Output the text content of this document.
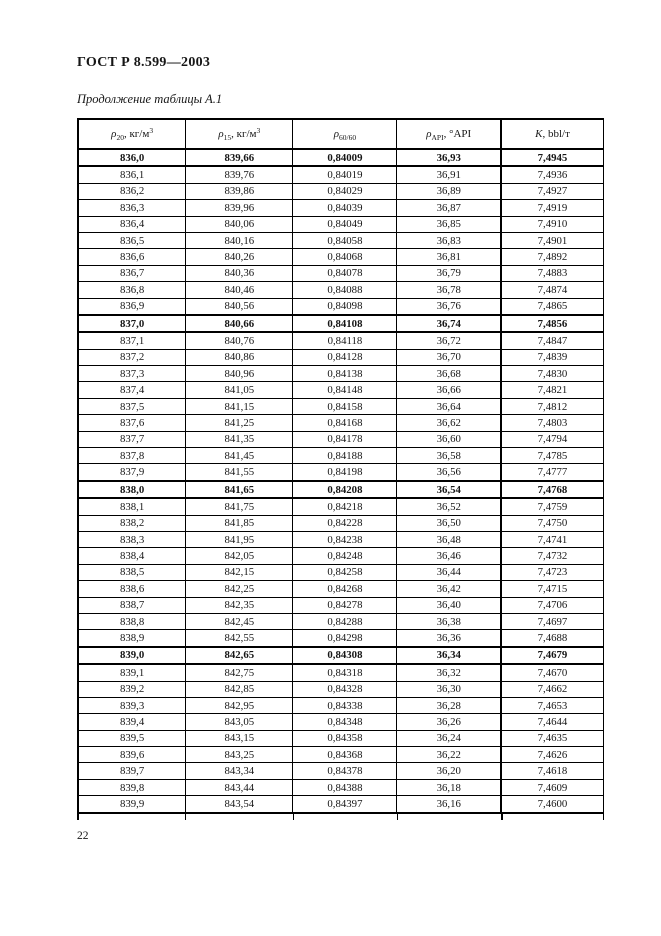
ГОСТ Р 8.599—2003
Продолжение таблицы А.1
$\rho_{20}$, $кг/м^3$	$\rho_{15}$, $кг/м^3$	$\rho_{60/60}$	$\rho_{API}$, °API	K, bbl/т
836,0	839,66	0,84009	36,93	7,4945
836,1	839,76	0,84019	36,91	7,4936
836,2	839,86	0,84029	36,89	7,4927
836,3	839,96	0,84039	36,87	7,4919
836,4	840,06	0,84049	36,85	7,4910
836,5	840,16	0,84058	36,83	7,4901
836,6	840,26	0,84068	36,81	7,4892
836,7	840,36	0,84078	36,79	7,4883
836,8	840,46	0,84088	36,78	7,4874
836,9	840,56	0,84098	36,76	7,4865
837,0	840,66	0,84108	36,74	7,4856
837,1	840,76	0,84118	36,72	7,4847
837,2	840,86	0,84128	36,70	7,4839
837,3	840,96	0,84138	36,68	7,4830
837,4	841,05	0,84148	36,66	7,4821
837,5	841,15	0,84158	36,64	7,4812
837,6	841,25	0,84168	36,62	7,4803
837,7	841,35	0,84178	36,60	7,4794
837,8	841,45	0,84188	36,58	7,4785
837,9	841,55	0,84198	36,56	7,4777
838,0	841,65	0,84208	36,54	7,4768
838,1	841,75	0,84218	36,52	7,4759
838,2	841,85	0,84228	36,50	7,4750
838,3	841,95	0,84238	36,48	7,4741
838,4	842,05	0,84248	36,46	7,4732
838,5	842,15	0,84258	36,44	7,4723
838,6	842,25	0,84268	36,42	7,4715
838,7	842,35	0,84278	36,40	7,4706
838,8	842,45	0,84288	36,38	7,4697
838,9	842,55	0,84298	36,36	7,4688
839,0	842,65	0,84308	36,34	7,4679
839,1	842,75	0,84318	36,32	7,4670
839,2	842,85	0,84328	36,30	7,4662
839,3	842,95	0,84338	36,28	7,4653
839,4	843,05	0,84348	36,26	7,4644
839,5	843,15	0,84358	36,24	7,4635
839,6	843,25	0,84368	36,22	7,4626
839,7	843,34	0,84378	36,20	7,4618
839,8	843,44	0,84388	36,18	7,4609
839,9	843,54	0,84397	36,16	7,4600
22
